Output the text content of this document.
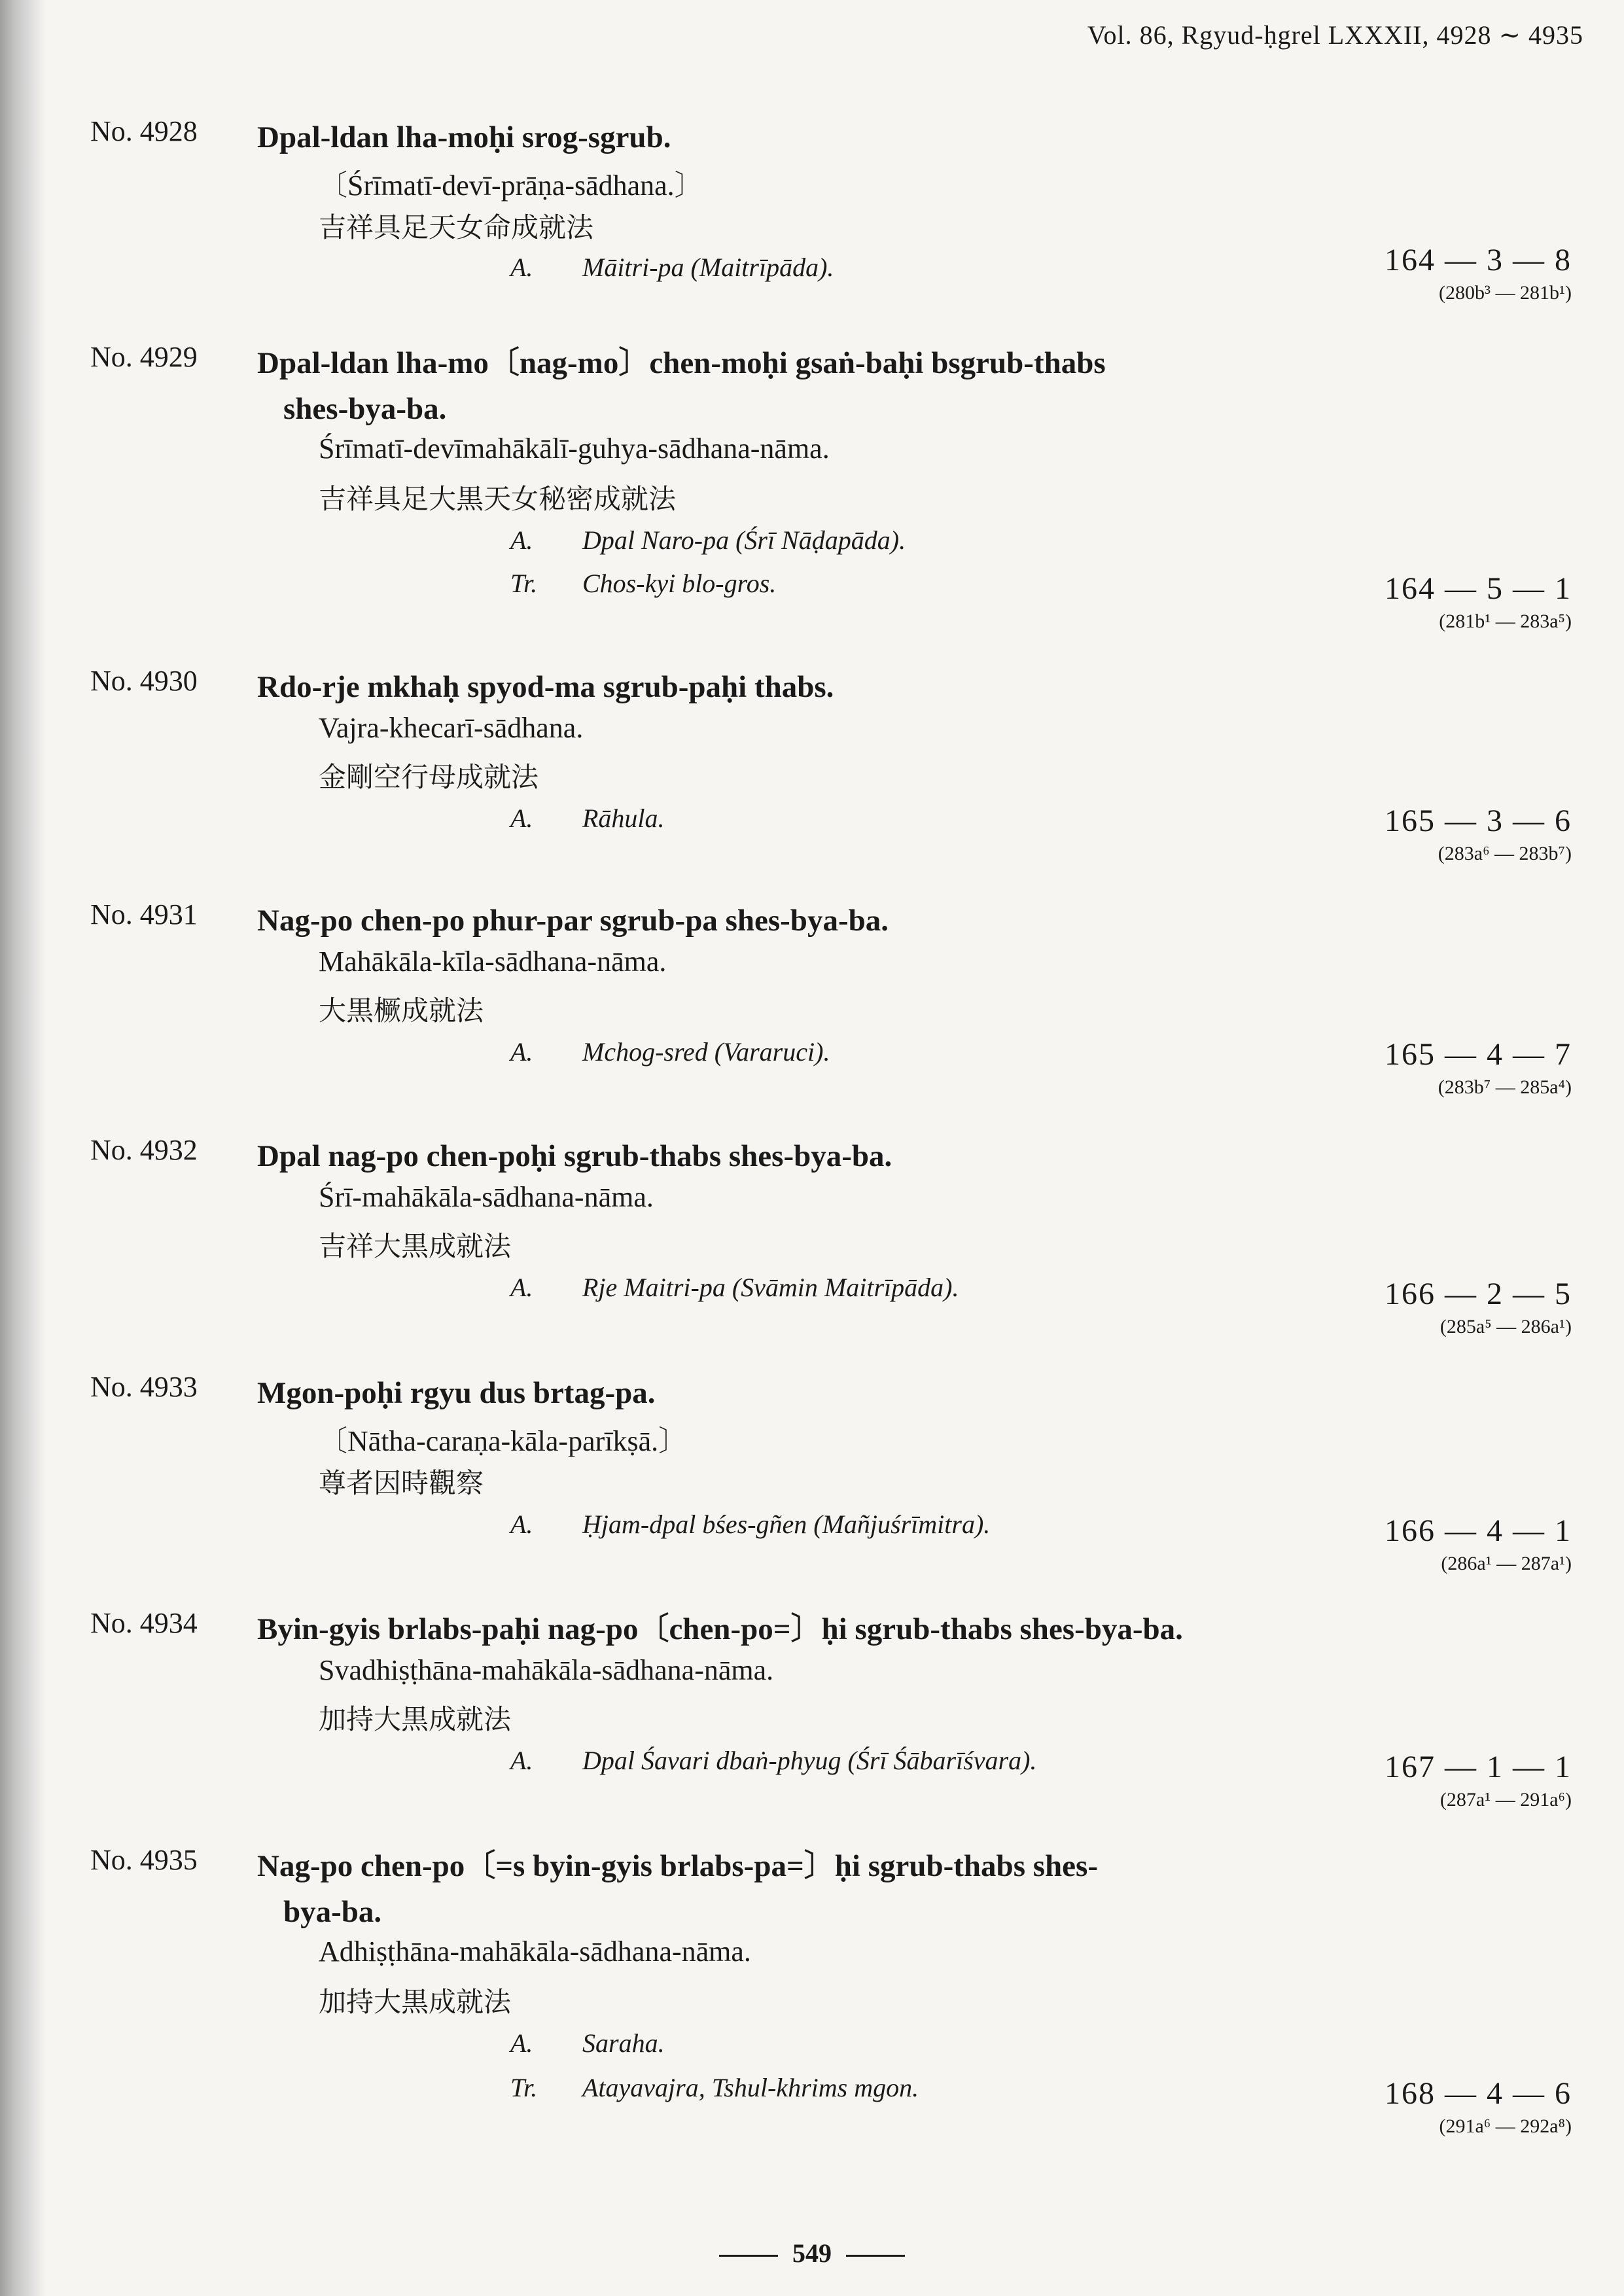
Vol. 86, Rgyud-ḥgrel LXXXII, 4928 ∼ 4935
No. 4928 Dpal-ldan lha-moḥi srog-sgrub.
〔Śrīmatī-devī-prāṇa-sādhana.〕
吉祥具足天女命成就法
A. Māitri-pa (Maitrīpāda).	164 — 3 — 8
(280b³ — 281b¹)
No. 4929 Dpal-ldan lha-mo〔nag-mo〕chen-moḥi gsaṅ-baḥi bsgrub-thabs
shes-bya-ba.
Śrīmatī-devīmahākālī-guhya-sādhana-nāma.
吉祥具足大黒天女秘密成就法
A. Dpal Naro-pa (Śrī Nāḍapāda).
Tr. Chos-kyi blo-gros.	164 — 5 — 1
(281b¹ — 283a⁵)
No. 4930 Rdo-rje mkhaḥ spyod-ma sgrub-paḥi thabs.
Vajra-khecarī-sādhana.
金剛空行母成就法
A. Rāhula.	165 — 3 — 6
(283a⁶ — 283b⁷)
No. 4931 Nag-po chen-po phur-par sgrub-pa shes-bya-ba.
Mahākāla-kīla-sādhana-nāma.
大黒橛成就法
A. Mchog-sred (Vararuci).	165 — 4 — 7
(283b⁷ — 285a⁴)
No. 4932 Dpal nag-po chen-poḥi sgrub-thabs shes-bya-ba.
Śrī-mahākāla-sādhana-nāma.
吉祥大黒成就法
A. Rje Maitri-pa (Svāmin Maitrīpāda).	166 — 2 — 5
(285a⁵ — 286a¹)
No. 4933 Mgon-poḥi rgyu dus brtag-pa.
〔Nātha-caraṇa-kāla-parīkṣā.〕
尊者因時觀察
A. Ḥjam-dpal bśes-gñen (Mañjuśrīmitra).	166 — 4 — 1
(286a¹ — 287a¹)
No. 4934 Byin-gyis brlabs-paḥi nag-po〔chen-po=〕ḥi sgrub-thabs shes-bya-ba.
Svadhiṣṭhāna-mahākāla-sādhana-nāma.
加持大黒成就法
A. Dpal Śavari dbaṅ-phyug (Śrī Śābarīśvara).	167 — 1 — 1
(287a¹ — 291a⁶)
No. 4935 Nag-po chen-po〔=s byin-gyis brlabs-pa=〕ḥi sgrub-thabs shes-
bya-ba.
Adhiṣṭhāna-mahākāla-sādhana-nāma.
加持大黒成就法
A. Saraha.
Tr. Atayavajra, Tshul-khrims mgon.	168 — 4 — 6
(291a⁶ — 292a⁸)
549
